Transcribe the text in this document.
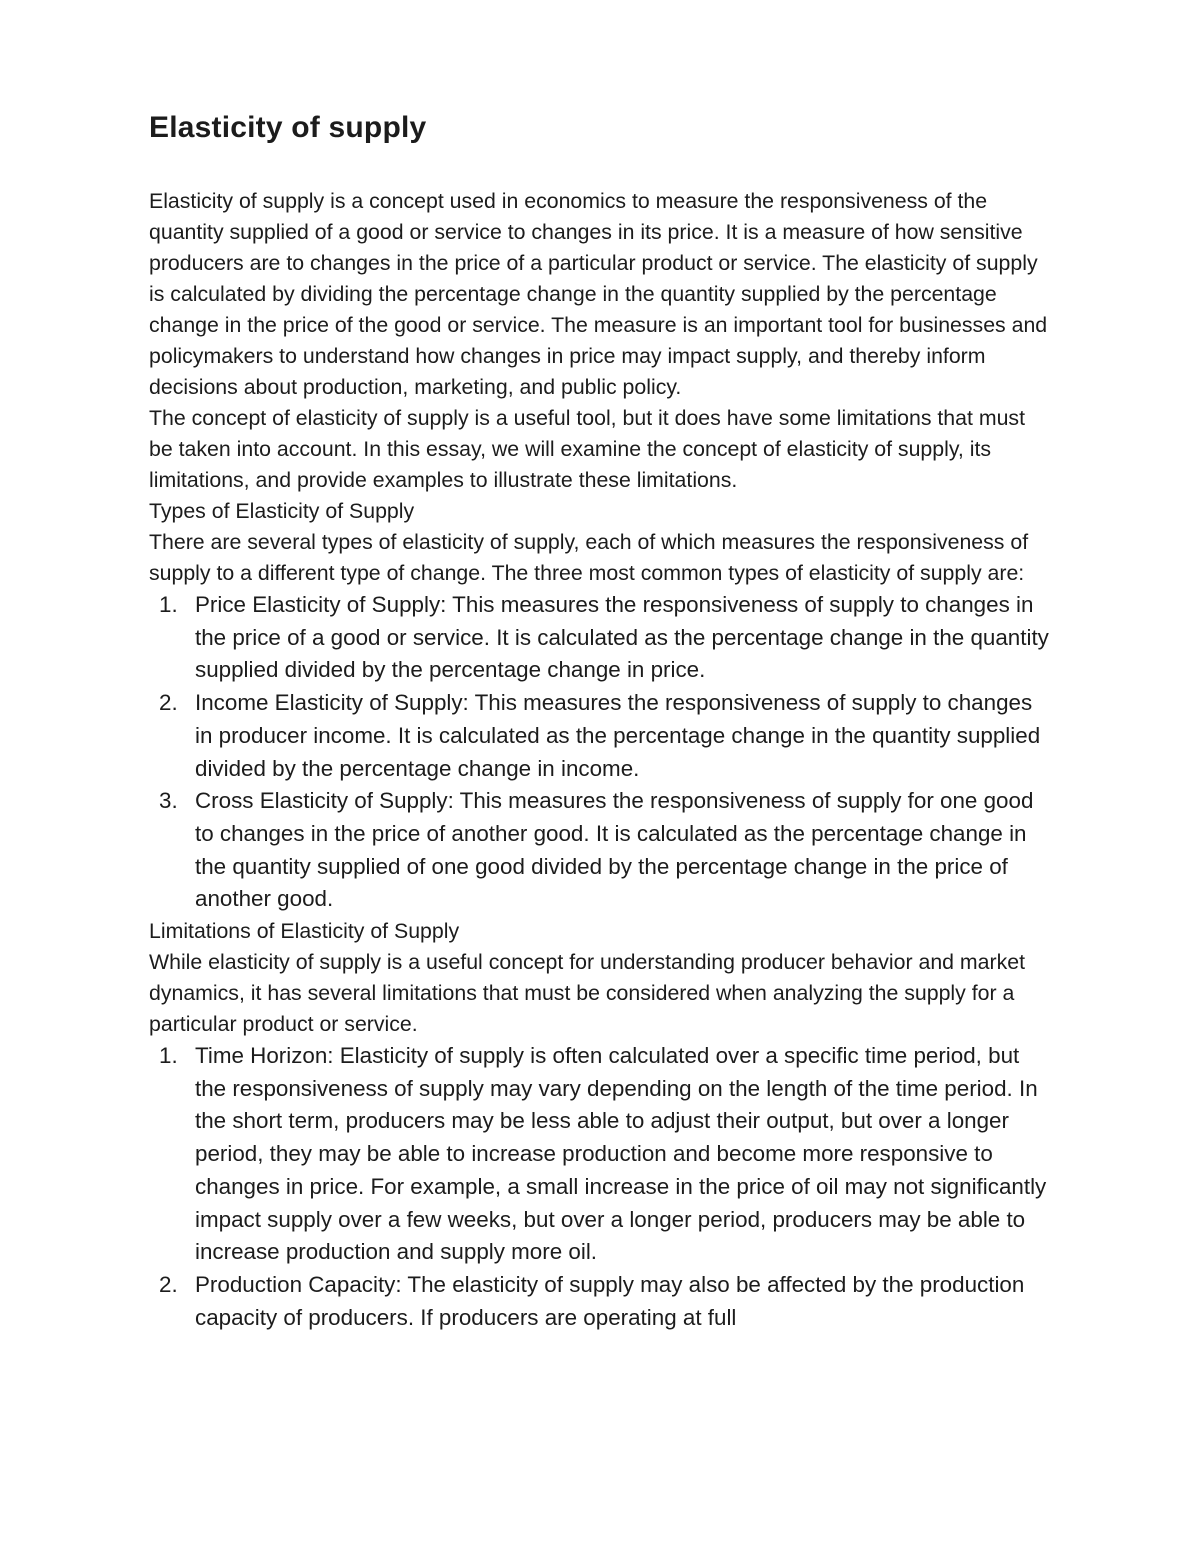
Elasticity of supply

Elasticity of supply is a concept used in economics to measure the responsiveness of the quantity supplied of a good or service to changes in its price. It is a measure of how sensitive producers are to changes in the price of a particular product or service. The elasticity of supply is calculated by dividing the percentage change in the quantity supplied by the percentage change in the price of the good or service. The measure is an important tool for businesses and policymakers to understand how changes in price may impact supply, and thereby inform decisions about production, marketing, and public policy.

The concept of elasticity of supply is a useful tool, but it does have some limitations that must be taken into account. In this essay, we will examine the concept of elasticity of supply, its limitations, and provide examples to illustrate these limitations.

Types of Elasticity of Supply

There are several types of elasticity of supply, each of which measures the responsiveness of supply to a different type of change. The three most common types of elasticity of supply are:

1. Price Elasticity of Supply: This measures the responsiveness of supply to changes in the price of a good or service. It is calculated as the percentage change in the quantity supplied divided by the percentage change in price.
2. Income Elasticity of Supply: This measures the responsiveness of supply to changes in producer income. It is calculated as the percentage change in the quantity supplied divided by the percentage change in income.
3. Cross Elasticity of Supply: This measures the responsiveness of supply for one good to changes in the price of another good. It is calculated as the percentage change in the quantity supplied of one good divided by the percentage change in the price of another good.

Limitations of Elasticity of Supply

While elasticity of supply is a useful concept for understanding producer behavior and market dynamics, it has several limitations that must be considered when analyzing the supply for a particular product or service.

1. Time Horizon: Elasticity of supply is often calculated over a specific time period, but the responsiveness of supply may vary depending on the length of the time period. In the short term, producers may be less able to adjust their output, but over a longer period, they may be able to increase production and become more responsive to changes in price. For example, a small increase in the price of oil may not significantly impact supply over a few weeks, but over a longer period, producers may be able to increase production and supply more oil.
2. Production Capacity: The elasticity of supply may also be affected by the production capacity of producers. If producers are operating at full
